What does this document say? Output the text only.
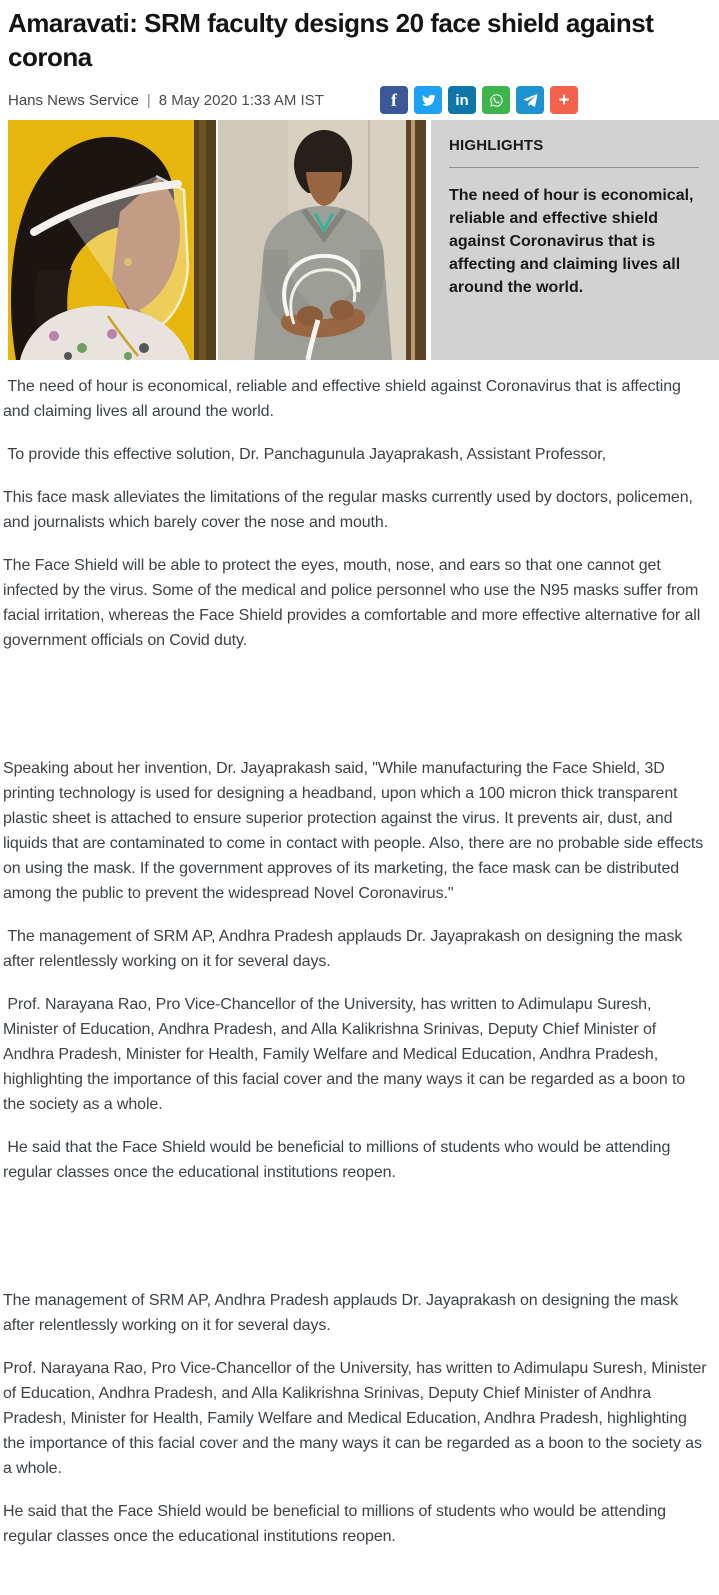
Amaravati: SRM faculty designs 20 face shield against corona
Hans News Service | 8 May 2020 1:33 AM IST	f	in	+
HIGHLIGHTS

The need of hour is economical, reliable and effective shield against Coronavirus that is affecting and claiming lives all around the world.

The need of hour is economical, reliable and effective shield against Coronavirus that is affecting and claiming lives all around the world.

To provide this effective solution, Dr. Panchagunula Jayaprakash, Assistant Professor,

This face mask alleviates the limitations of the regular masks currently used by doctors, policemen, and journalists which barely cover the nose and mouth.

The Face Shield will be able to protect the eyes, mouth, nose, and ears so that one cannot get infected by the virus. Some of the medical and police personnel who use the N95 masks suffer from facial irritation, whereas the Face Shield provides a comfortable and more effective alternative for all government officials on Covid duty.

Speaking about her invention, Dr. Jayaprakash said, "While manufacturing the Face Shield, 3D printing technology is used for designing a headband, upon which a 100 micron thick transparent plastic sheet is attached to ensure superior protection against the virus. It prevents air, dust, and liquids that are contaminated to come in contact with people. Also, there are no probable side effects on using the mask. If the government approves of its marketing, the face mask can be distributed among the public to prevent the widespread Novel Coronavirus."

The management of SRM AP, Andhra Pradesh applauds Dr. Jayaprakash on designing the mask after relentlessly working on it for several days.

Prof. Narayana Rao, Pro Vice-Chancellor of the University, has written to Adimulapu Suresh, Minister of Education, Andhra Pradesh, and Alla Kalikrishna Srinivas, Deputy Chief Minister of Andhra Pradesh, Minister for Health, Family Welfare and Medical Education, Andhra Pradesh, highlighting the importance of this facial cover and the many ways it can be regarded as a boon to the society as a whole.

He said that the Face Shield would be beneficial to millions of students who would be attending regular classes once the educational institutions reopen.

The management of SRM AP, Andhra Pradesh applauds Dr. Jayaprakash on designing the mask after relentlessly working on it for several days.

Prof. Narayana Rao, Pro Vice-Chancellor of the University, has written to Adimulapu Suresh, Minister of Education, Andhra Pradesh, and Alla Kalikrishna Srinivas, Deputy Chief Minister of Andhra Pradesh, Minister for Health, Family Welfare and Medical Education, Andhra Pradesh, highlighting the importance of this facial cover and the many ways it can be regarded as a boon to the society as a whole.

He said that the Face Shield would be beneficial to millions of students who would be attending regular classes once the educational institutions reopen.
